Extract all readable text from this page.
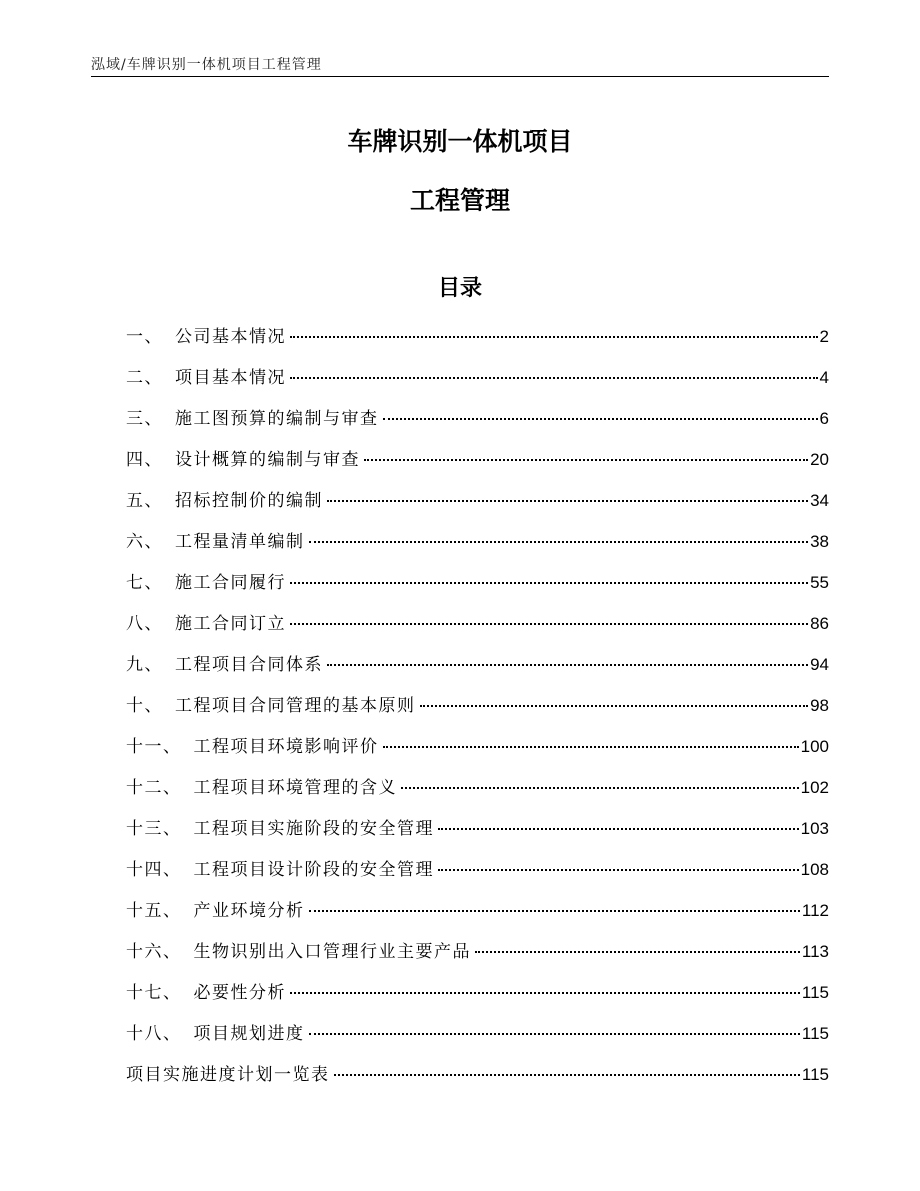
泓域/车牌识别一体机项目工程管理
车牌识别一体机项目
工程管理
目录
一、 公司基本情况	2
二、 项目基本情况	4
三、 施工图预算的编制与审查	6
四、 设计概算的编制与审查	20
五、 招标控制价的编制	34
六、 工程量清单编制	38
七、 施工合同履行	55
八、 施工合同订立	86
九、 工程项目合同体系	94
十、 工程项目合同管理的基本原则	98
十一、 工程项目环境影响评价	100
十二、 工程项目环境管理的含义	102
十三、 工程项目实施阶段的安全管理	103
十四、 工程项目设计阶段的安全管理	108
十五、 产业环境分析	112
十六、 生物识别出入口管理行业主要产品	113
十七、 必要性分析	115
十八、 项目规划进度	115
项目实施进度计划一览表	115
